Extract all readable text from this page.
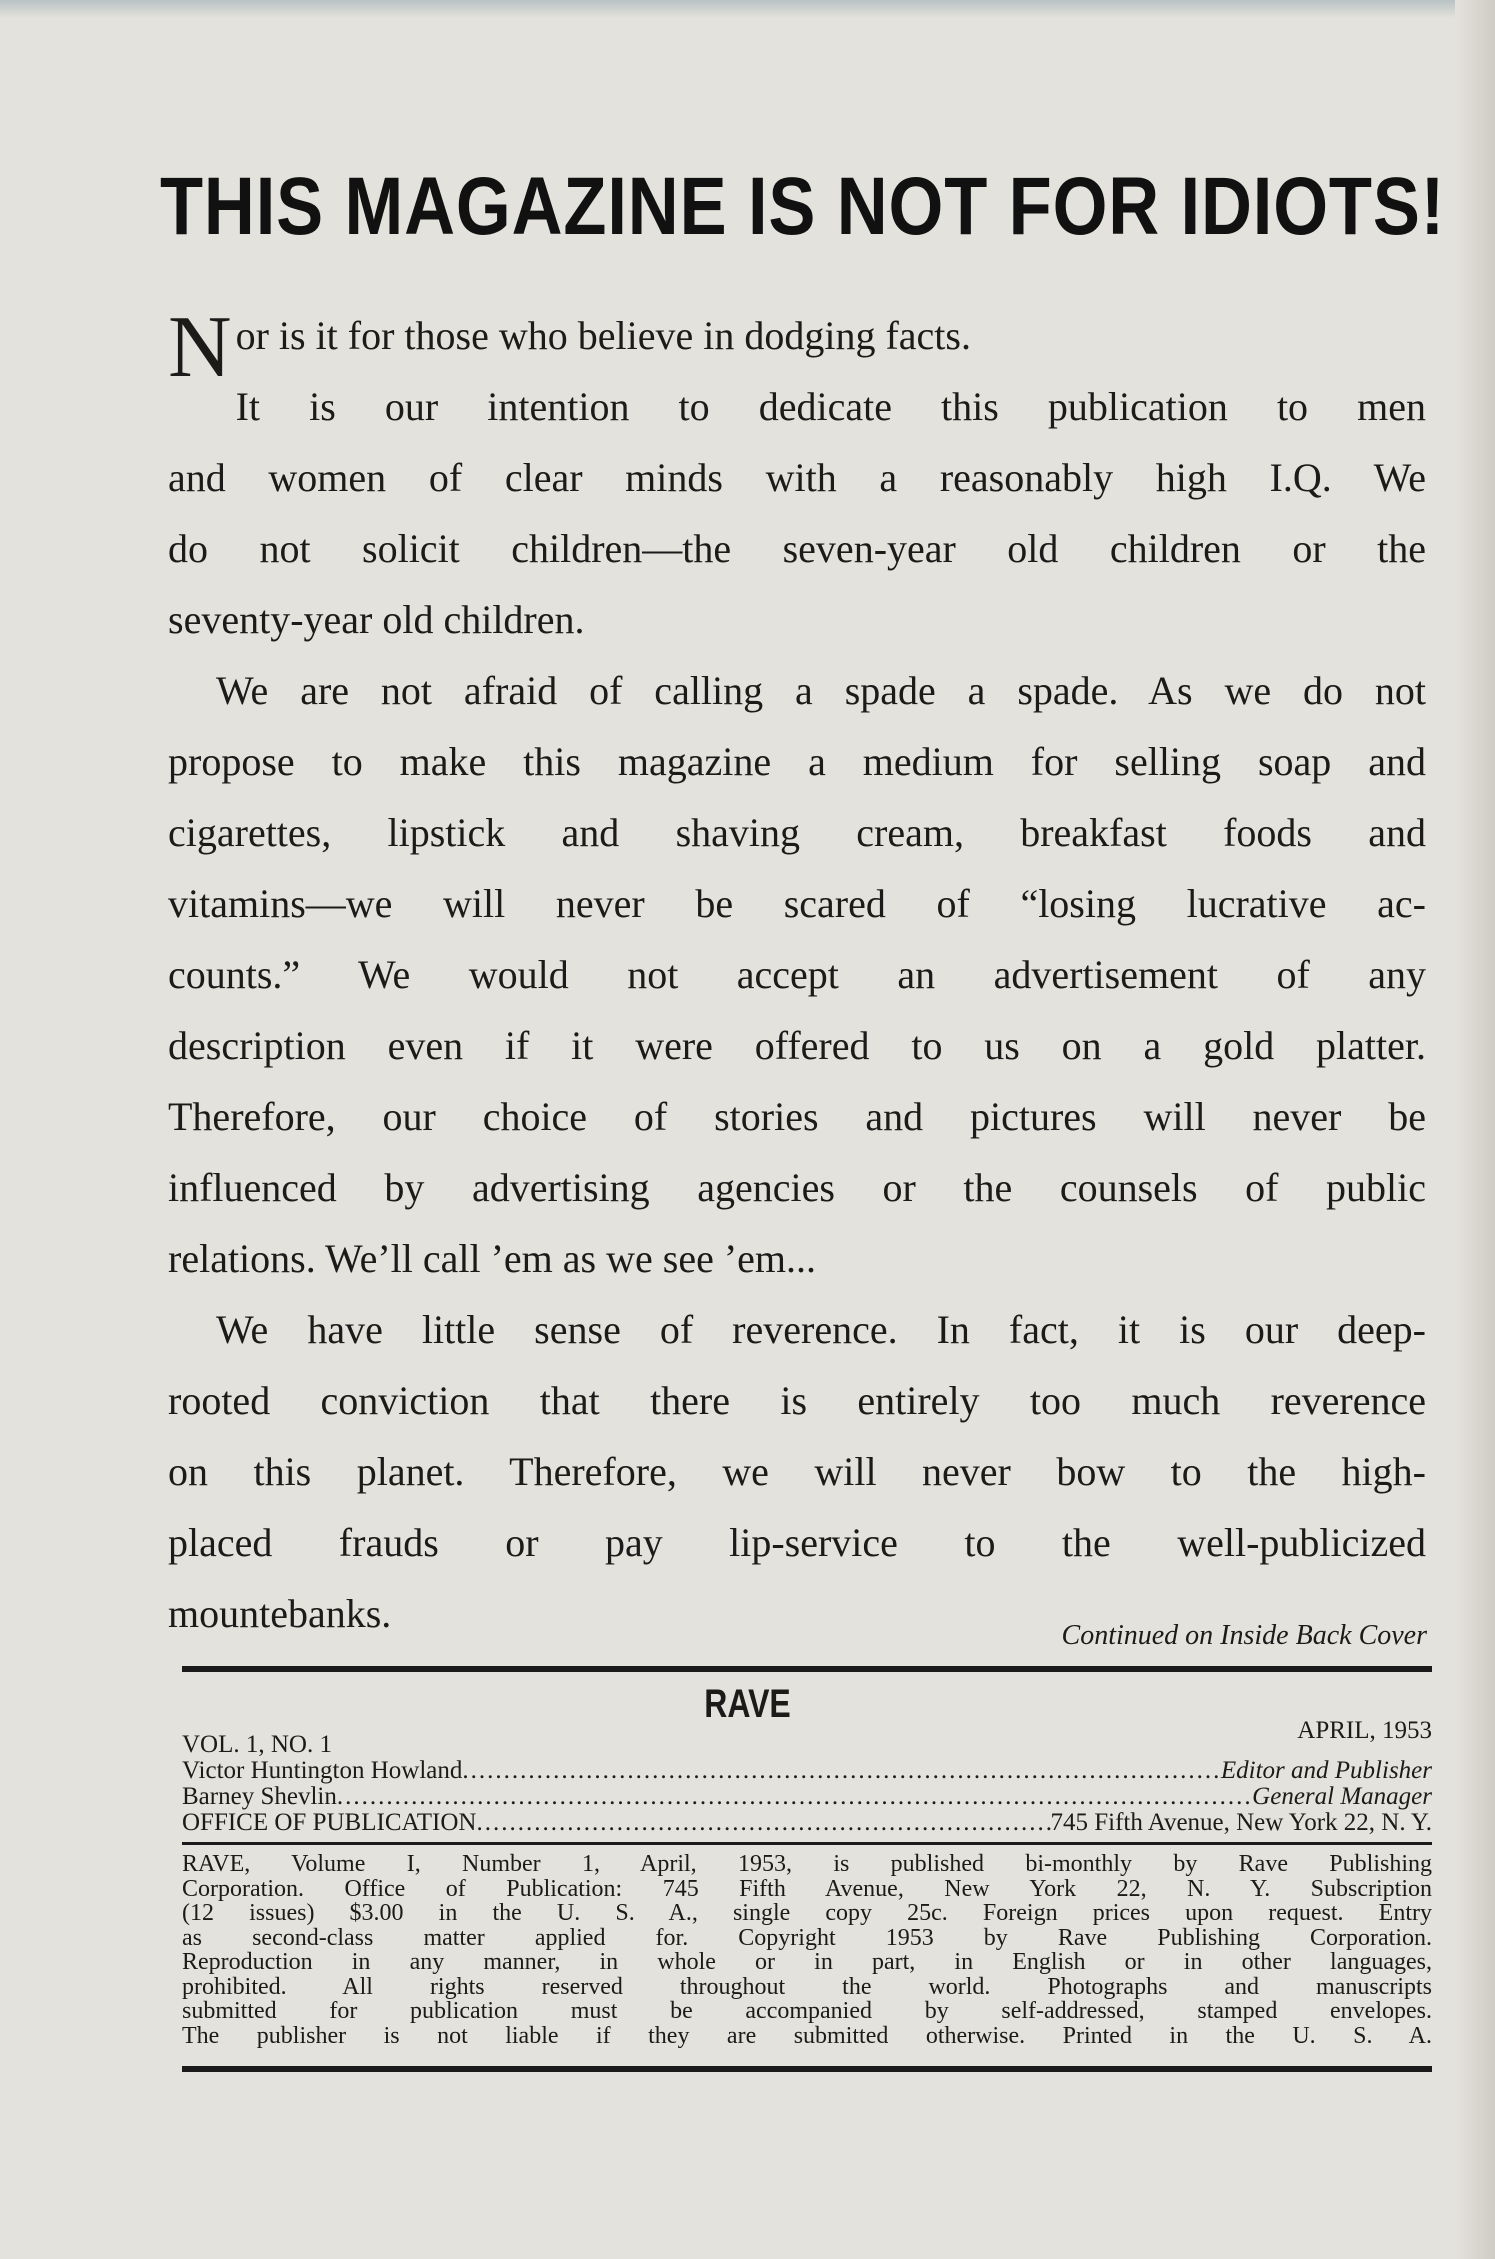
THIS MAGAZINE IS NOT FOR IDIOTS!
N or is it for those who believe in dodging facts.
It is our intention to dedicate this publication to men
and women of clear minds with a reasonably high I.Q. We
do not solicit children—the seven-year old children or the
seventy-year old children.
We are not afraid of calling a spade a spade. As we do not
propose to make this magazine a medium for selling soap and
cigarettes, lipstick and shaving cream, breakfast foods and
vitamins—we will never be scared of “losing lucrative ac-
counts.” We would not accept an advertisement of any
description even if it were offered to us on a gold platter.
Therefore, our choice of stories and pictures will never be
influenced by advertising agencies or the counsels of public
relations. We’ll call ’em as we see ’em...
We have little sense of reverence. In fact, it is our deep-
rooted conviction that there is entirely too much reverence
on this planet. Therefore, we will never bow to the high-
placed frauds or pay lip-service to the well-publicized
mountebanks.	Continued on Inside Back Cover
RAVE
APRIL, 1953
VOL. 1, NO. 1
Victor Huntington Howland .....	Editor and Publisher
Barney Shevlin .....	General Manager
OFFICE OF PUBLICATION .....	745 Fifth Avenue, New York 22, N. Y.
RAVE, Volume I, Number 1, April, 1953, is published bi-monthly by Rave Publishing
Corporation. Office of Publication: 745 Fifth Avenue, New York 22, N. Y. Subscription
(12 issues) $3.00 in the U. S. A., single copy 25c. Foreign prices upon request. Entry
as second-class matter applied for. Copyright 1953 by Rave Publishing Corporation.
Reproduction in any manner, in whole or in part, in English or in other languages,
prohibited. All rights reserved throughout the world. Photographs and manuscripts
submitted for publication must be accompanied by self-addressed, stamped envelopes.
The publisher is not liable if they are submitted otherwise. Printed in the U. S. A.
